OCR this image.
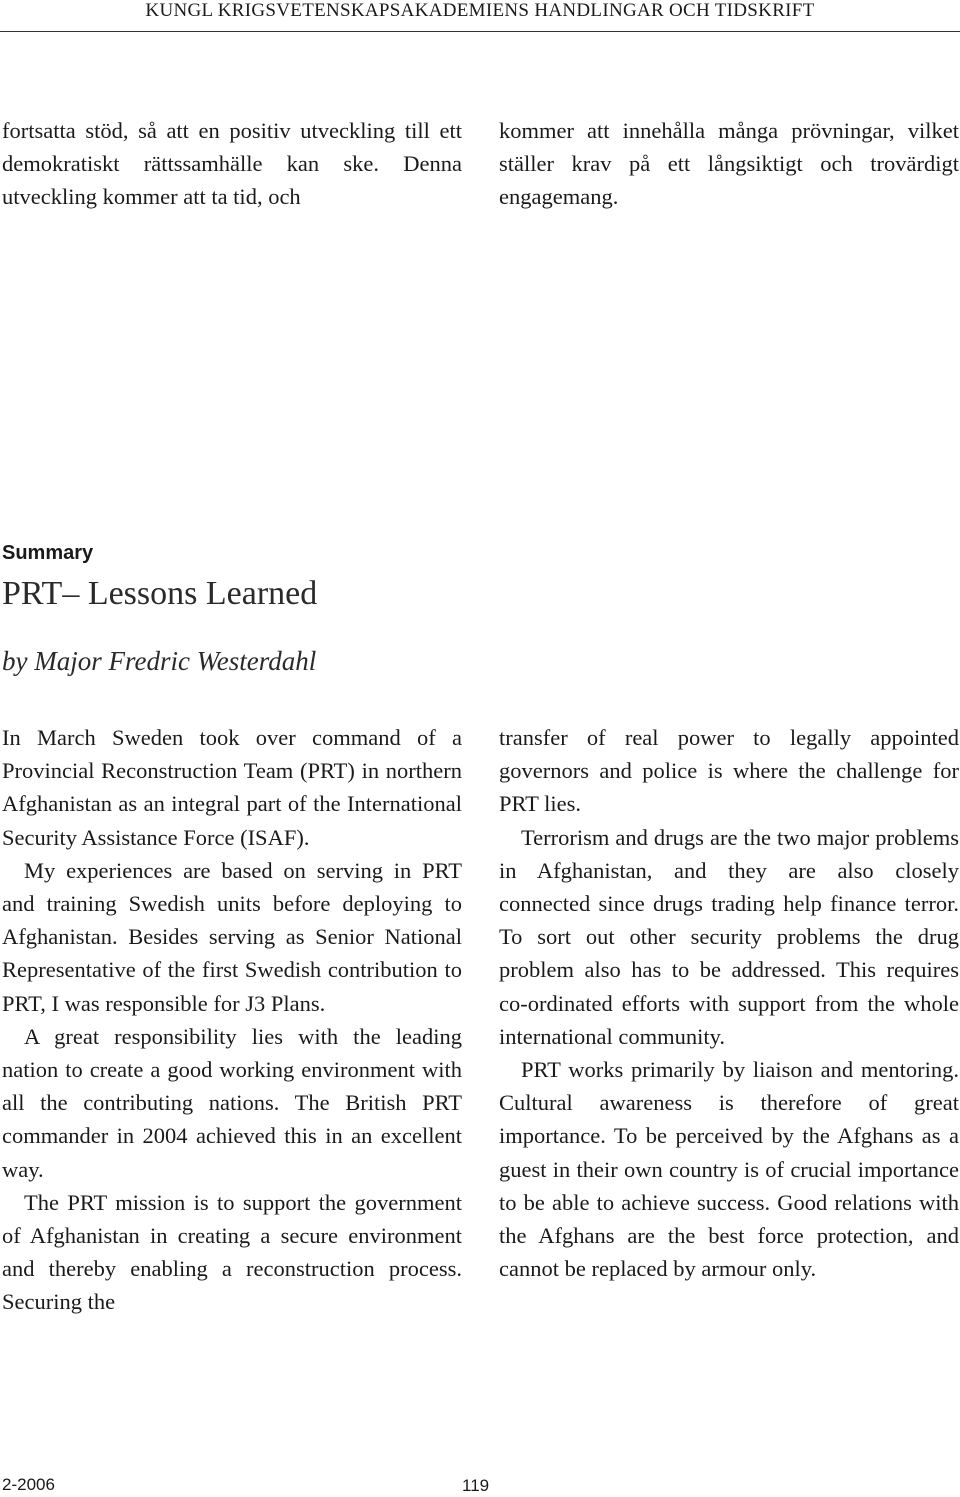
KUNGL KRIGSVETENSKAPSAKADEMIENS HANDLINGAR OCH TIDSKRIFT

fortsatta stöd, så att en positiv utveckling till ett demokratiskt rättssamhälle kan ske. Denna utveckling kommer att ta tid, och

kommer att innehålla många prövningar, vilket ställer krav på ett långsiktigt och trovärdigt engagemang.

Summary
PRT– Lessons Learned
by Major Fredric Westerdahl

In March Sweden took over command of a Provincial Reconstruction Team (PRT) in northern Afghanistan as an integral part of the International Security Assistance Force (ISAF).

My experiences are based on serving in PRT and training Swedish units before deploying to Afghanistan. Besides serving as Senior National Representative of the first Swedish contribution to PRT, I was responsible for J3 Plans.

A great responsibility lies with the leading nation to create a good working environment with all the contributing nations. The British PRT commander in 2004 achieved this in an excellent way.

The PRT mission is to support the government of Afghanistan in creating a secure environment and thereby enabling a reconstruction process. Securing the

transfer of real power to legally appointed governors and police is where the challenge for PRT lies.

Terrorism and drugs are the two major problems in Afghanistan, and they are also closely connected since drugs trading help finance terror. To sort out other security problems the drug problem also has to be addressed. This requires co-ordinated efforts with support from the whole international community.

PRT works primarily by liaison and mentoring. Cultural awareness is therefore of great importance. To be perceived by the Afghans as a guest in their own country is of crucial importance to be able to achieve success. Good relations with the Afghans are the best force protection, and cannot be replaced by armour only.

2-2006	119
